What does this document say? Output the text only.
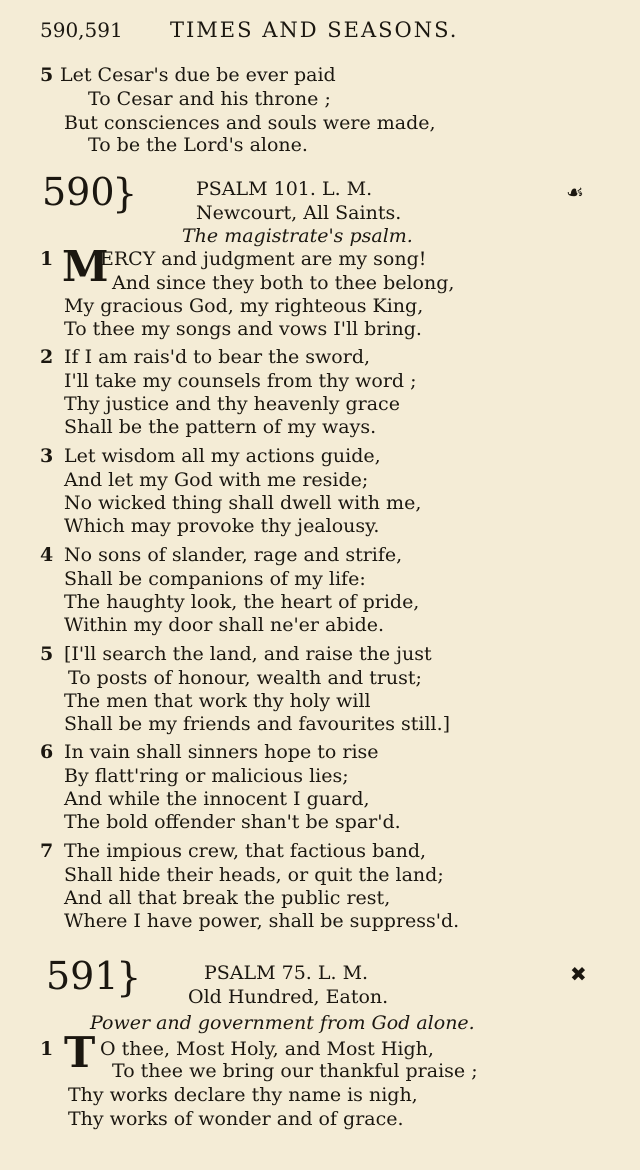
590,591 TIMES AND SEASONS.
5 Let Cesar's due be ever paid
To Cesar and his throne ;
But consciences and souls were made,
To be the Lord's alone.
590
}	PSALM 101. L. M.
Newcourt, All Saints.
The magistrate's psalm.
☙
1 M
ERCY and judgment are my song!
And since they both to thee belong,
My gracious God, my righteous King,
To thee my songs and vows I'll bring.
2 If I am rais'd to bear the sword,
I'll take my counsels from thy word ;
Thy justice and thy heavenly grace
Shall be the pattern of my ways.
3 Let wisdom all my actions guide,
And let my God with me reside;
No wicked thing shall dwell with me,
Which may provoke thy jealousy.
4 No sons of slander, rage and strife,
Shall be companions of my life:
The haughty look, the heart of pride,
Within my door shall ne'er abide.
5 [I'll search the land, and raise the just
To posts of honour, wealth and trust;
The men that work thy holy will
Shall be my friends and favourites still.]
6 In vain shall sinners hope to rise
By flatt'ring or malicious lies;
And while the innocent I guard,
The bold offender shan't be spar'd.
7 The impious crew, that factious band,
Shall hide their heads, or quit the land;
And all that break the public rest,
Where I have power, shall be suppress'd.
591
}	PSALM 75. L. M.
Old Hundred, Eaton.
Power and government from God alone.
✖
1 T O thee, Most Holy, and Most High,
To thee we bring our thankful praise ;
Thy works declare thy name is nigh,
Thy works of wonder and of grace.
